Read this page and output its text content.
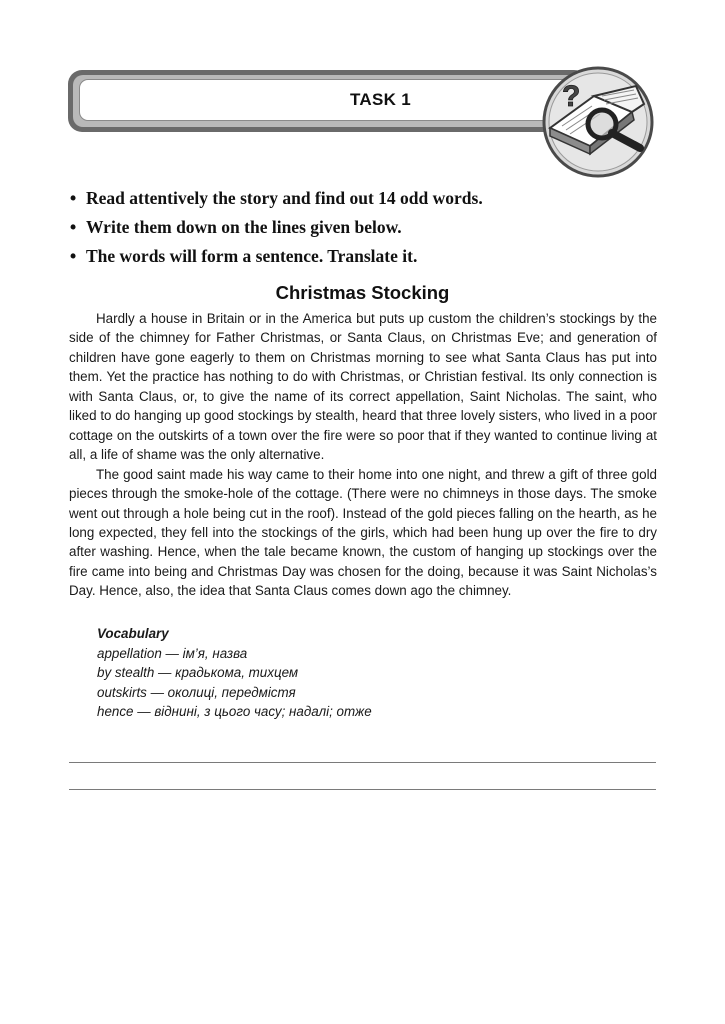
TASK 1	?
• Read attentively the story and find out 14 odd words.
• Write them down on the lines given below.
• The words will form a sentence. Translate it.
Christmas Stocking

Hardly a house in Britain or in the America but puts up custom the children’s stockings by the side of the chimney for Father Christmas, or Santa Claus, on Christmas Eve; and generation of children have gone eagerly to them on Christmas morning to see what Santa Claus has put into them. Yet the practice has nothing to do with Christmas, or Christian festival. Its only connection is with Santa Claus, or, to give the name of its correct appellation, Saint Nicholas. The saint, who liked to do hanging up good stockings by stealth, heard that three lovely sisters, who lived in a poor cottage on the outskirts of a town over the fire were so poor that if they wanted to continue living at all, a life of shame was the only alternative.

The good saint made his way came to their home into one night, and threw a gift of three gold pieces through the smoke-hole of the cottage. (There were no chimneys in those days. The smoke went out through a hole being cut in the roof). Instead of the gold pieces falling on the hearth, as he long expected, they fell into the stockings of the girls, which had been hung up over the fire to dry after washing. Hence, when the tale became known, the custom of hanging up stockings over the fire came into being and Christmas Day was chosen for the doing, because it was Saint Nicholas’s Day. Hence, also, the idea that Santa Claus comes down ago the chimney.

Vocabulary
appellation — ім’я, назва
by stealth — крадькома, тихцем
outskirts — околиці, передмістя
hence — віднині, з цього часу; надалі; отже
